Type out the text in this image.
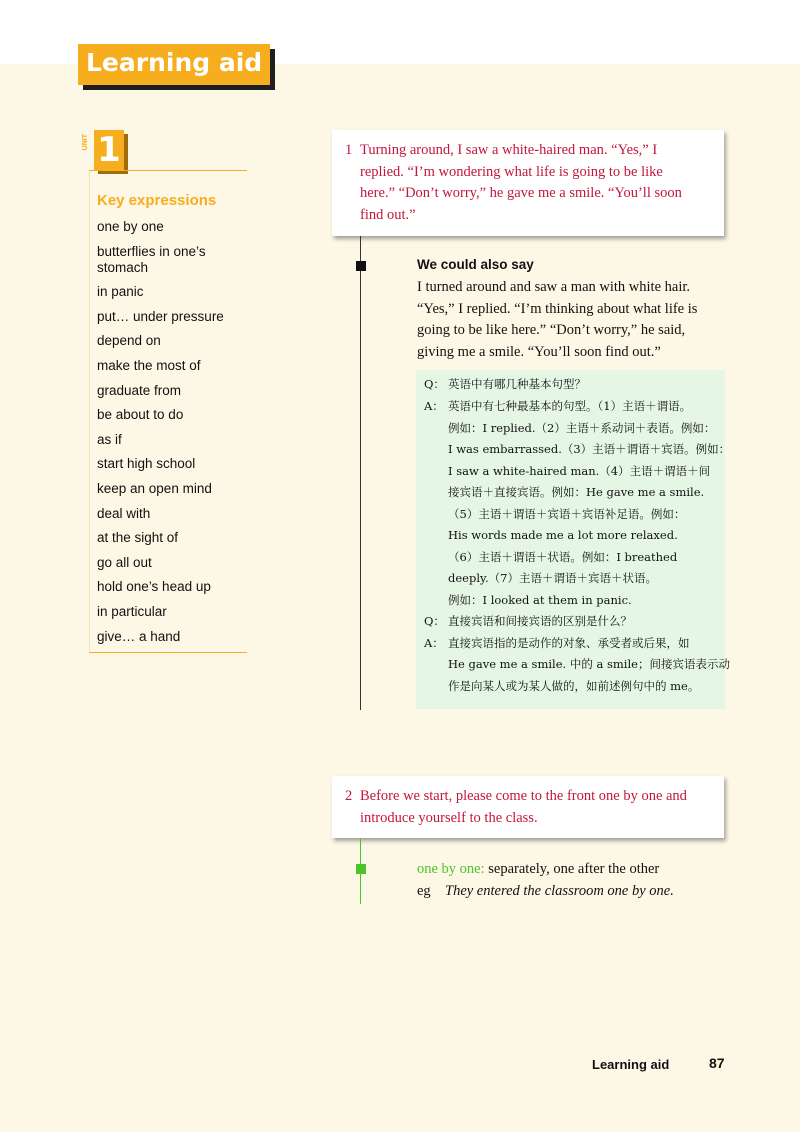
Learning aid
UNIT 1
Key expressions
one by one
butterflies in one’s stomach
in panic
put… under pressure
depend on
make the most of
graduate from
be about to do
as if
start high school
keep an open mind
deal with
at the sight of
go all out
hold one’s head up
in particular
give… a hand
1 Turning around, I saw a white-haired man. “Yes,” I replied. “I’m wondering what life is going to be like here.” “Don’t worry,” he gave me a smile. “You’ll soon find out.”
We could also say
I turned around and saw a man with white hair. “Yes,” I replied. “I’m thinking about what life is going to be like here.” “Don’t worry,” he said, giving me a smile. “You’ll soon find out.”
Q： 英语中有哪几种基本句型？
A： 英语中有七种最基本的句型。（1）主语＋谓语。
例如：I replied.（2）主语＋系动词＋表语。例如：
I was embarrassed.（3）主语＋谓语＋宾语。例如：
I saw a white-haired man.（4）主语＋谓语＋间
接宾语＋直接宾语。例如：He gave me a smile.
（5）主语＋谓语＋宾语＋宾语补足语。例如：
His words made me a lot more relaxed.
（6）主语＋谓语＋状语。例如：I breathed
deeply.（7）主语＋谓语＋宾语＋状语。
例如：I looked at them in panic.
Q： 直接宾语和间接宾语的区别是什么？
A： 直接宾语指的是动作的对象、承受者或后果，如
He gave me a smile. 中的 a smile；间接宾语表示动
作是向某人或为某人做的，如前述例句中的 me。
2 Before we start, please come to the front one by one and introduce yourself to the class.
one by one: separately, one after the other
eg They entered the classroom one by one.
Learning aid	87
